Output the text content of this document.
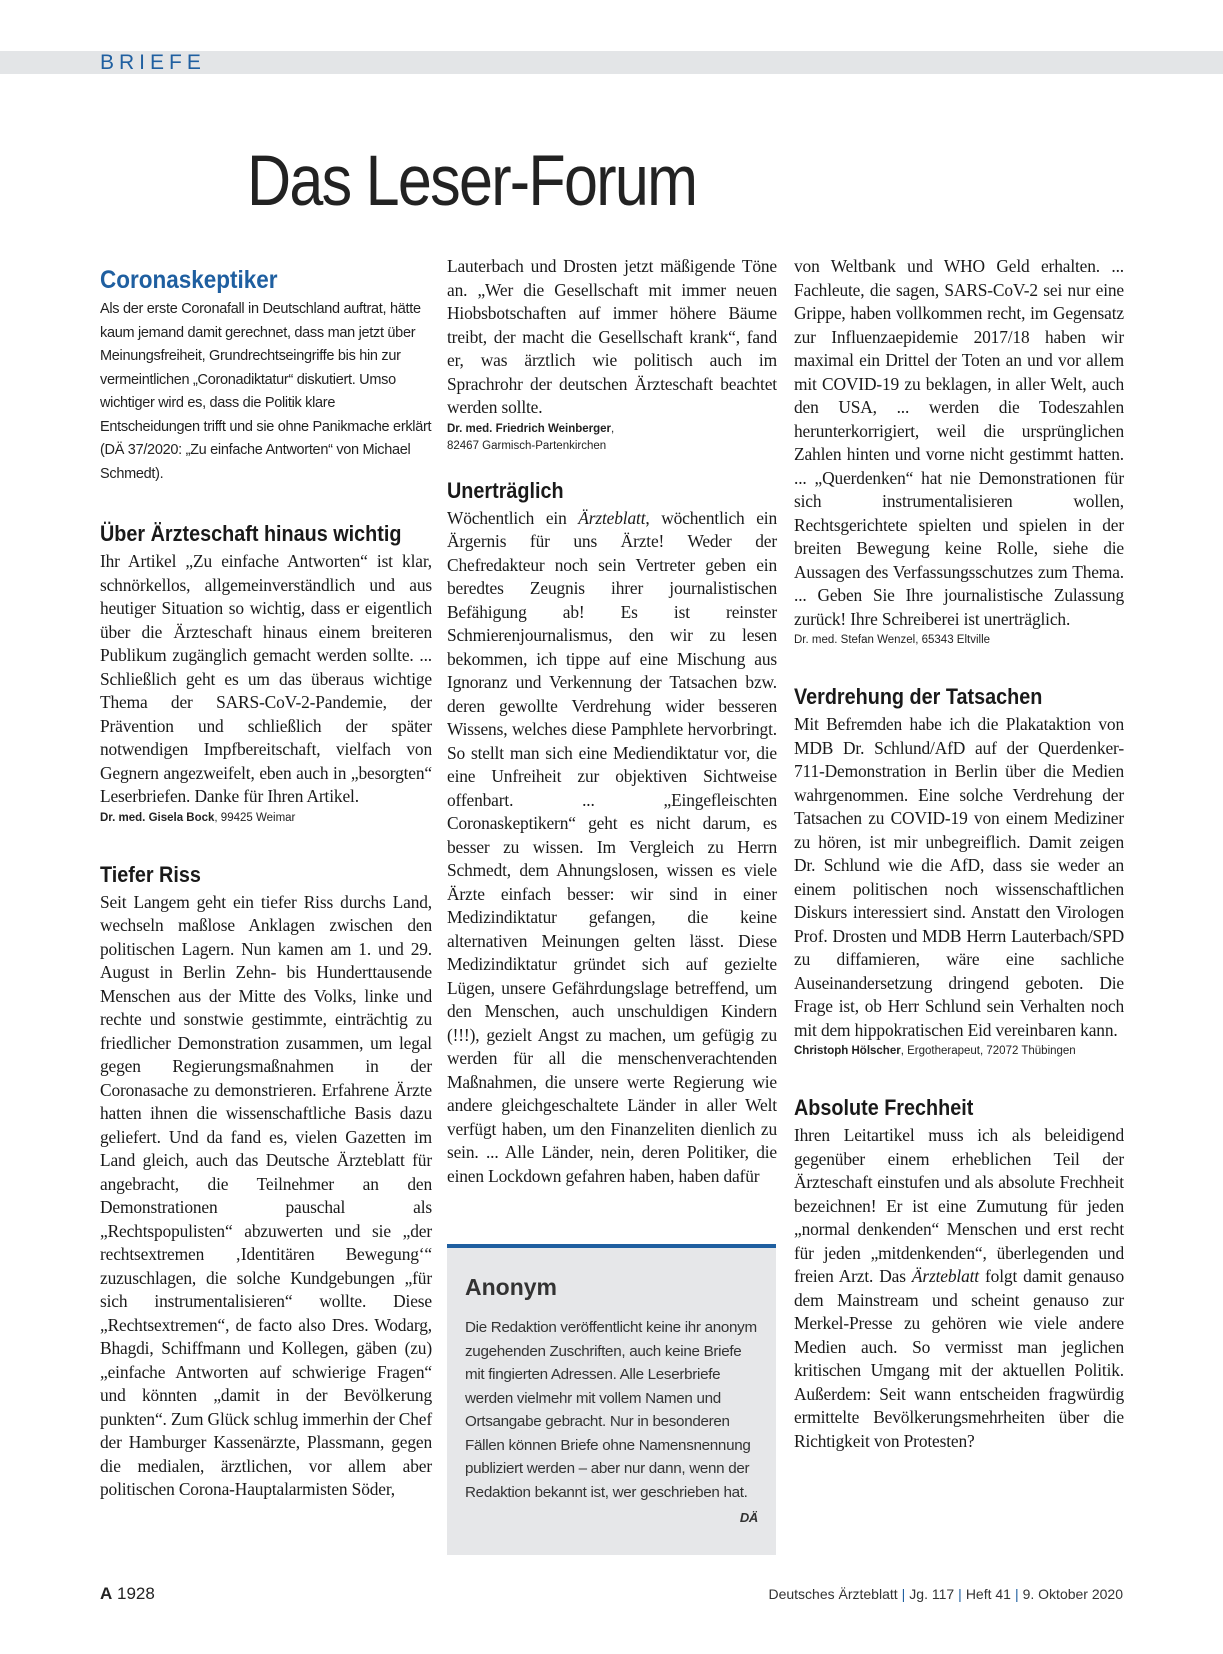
BRIEFE
Das Leser-Forum
Coronaskeptiker

Als der erste Coronafall in Deutschland auftrat, hätte kaum jemand damit gerechnet, dass man jetzt über Meinungsfreiheit, Grundrechtseingriffe bis hin zur vermeintlichen „Coronadiktatur“ diskutiert. Umso wichtiger wird es, dass die Politik klare Entscheidungen trifft und sie ohne Panikmache erklärt (DÄ 37/2020: „Zu einfache Antworten“ von Michael Schmedt).

Über Ärzteschaft hinaus wichtig

Ihr Artikel „Zu einfache Antworten“ ist klar, schnörkellos, allgemeinverständlich und aus heutiger Situation so wichtig, dass er eigentlich über die Ärzteschaft hinaus einem breiteren Publikum zugänglich gemacht werden sollte. ... Schließlich geht es um das überaus wichtige Thema der SARS-CoV-2-Pandemie, der Prävention und schließlich der später notwendigen Impfbereitschaft, vielfach von Gegnern angezweifelt, eben auch in „besorgten“ Leserbriefen. Danke für Ihren Artikel.

Dr. med. Gisela Bock, 99425 Weimar

Tiefer Riss

Seit Langem geht ein tiefer Riss durchs Land, wechseln maßlose Anklagen zwischen den politischen Lagern. Nun kamen am 1. und 29. August in Berlin Zehn- bis Hunderttausende Menschen aus der Mitte des Volks, linke und rechte und sonstwie gestimmte, einträchtig zu friedlicher Demonstration zusammen, um legal gegen Regierungsmaßnahmen in der Coronasache zu demonstrieren. Erfahrene Ärzte hatten ihnen die wissenschaftliche Basis dazu geliefert. Und da fand es, vielen Gazetten im Land gleich, auch das Deutsche Ärzteblatt für angebracht, die Teilnehmer an den Demonstrationen pauschal als „Rechtspopulisten“ abzuwerten und sie „der rechtsextremen ‚Identitären Bewegung‘“ zuzuschlagen, die solche Kundgebungen „für sich instrumentalisieren“ wollte. Diese „Rechtsextremen“, de facto also Dres. Wodarg, Bhagdi, Schiffmann und Kollegen, gäben (zu) „einfache Antworten auf schwierige Fragen“ und könnten „damit in der Bevölkerung punkten“. Zum Glück schlug immerhin der Chef der Hamburger Kassenärzte, Plassmann, gegen die medialen, ärztlichen, vor allem aber politischen Corona-Hauptalarmisten Söder,

Lauterbach und Drosten jetzt mäßigende Töne an. „Wer die Gesellschaft mit immer neuen Hiobsbotschaften auf immer höhere Bäume treibt, der macht die Gesellschaft krank“, fand er, was ärztlich wie politisch auch im Sprachrohr der deutschen Ärzteschaft beachtet werden sollte.

Dr. med. Friedrich Weinberger,
82467 Garmisch-Partenkirchen

Unerträglich

Wöchentlich ein Ärzteblatt, wöchentlich ein Ärgernis für uns Ärzte! Weder der Chefredakteur noch sein Vertreter geben ein beredtes Zeugnis ihrer journalistischen Befähigung ab! Es ist reinster Schmierenjournalismus, den wir zu lesen bekommen, ich tippe auf eine Mischung aus Ignoranz und Verkennung der Tatsachen bzw. deren gewollte Verdrehung wider besseren Wissens, welches diese Pamphlete hervorbringt. So stellt man sich eine Mediendiktatur vor, die eine Unfreiheit zur objektiven Sichtweise offenbart. ... „Eingefleischten Coronaskeptikern“ geht es nicht darum, es besser zu wissen. Im Vergleich zu Herrn Schmedt, dem Ahnungslosen, wissen es viele Ärzte einfach besser: wir sind in einer Medizindiktatur gefangen, die keine alternativen Meinungen gelten lässt. Diese Medizindiktatur gründet sich auf gezielte Lügen, unsere Gefährdungslage betreffend, um den Menschen, auch unschuldigen Kindern (!!!), gezielt Angst zu machen, um gefügig zu werden für all die menschenverachtenden Maßnahmen, die unsere werte Regierung wie andere gleichgeschaltete Länder in aller Welt verfügt haben, um den Finanzeliten dienlich zu sein. ... Alle Länder, nein, deren Politiker, die einen Lockdown gefahren haben, haben dafür

Anonym

Die Redaktion veröffentlicht keine ihr anonym zugehenden Zuschriften, auch keine Briefe mit fingierten Adressen. Alle Leserbriefe werden vielmehr mit vollem Namen und Ortsangabe gebracht. Nur in besonderen Fällen können Briefe ohne Namensnennung publiziert werden – aber nur dann, wenn der Redaktion bekannt ist, wer geschrieben hat.
DÄ

von Weltbank und WHO Geld erhalten. ... Fachleute, die sagen, SARS-CoV-2 sei nur eine Grippe, haben vollkommen recht, im Gegensatz zur Influenzaepidemie 2017/18 haben wir maximal ein Drittel der Toten an und vor allem mit COVID-19 zu beklagen, in aller Welt, auch den USA, ... werden die Todeszahlen herunterkorrigiert, weil die ursprünglichen Zahlen hinten und vorne nicht gestimmt hatten. ... „Querdenken“ hat nie Demonstrationen für sich instrumentalisieren wollen, Rechtsgerichtete spielten und spielen in der breiten Bewegung keine Rolle, siehe die Aussagen des Verfassungsschutzes zum Thema. ... Geben Sie Ihre journalistische Zulassung zurück! Ihre Schreiberei ist unerträglich.

Dr. med. Stefan Wenzel, 65343 Eltville

Verdrehung der Tatsachen

Mit Befremden habe ich die Plakataktion von MDB Dr. Schlund/AfD auf der Querdenker-711-Demonstration in Berlin über die Medien wahrgenommen. Eine solche Verdrehung der Tatsachen zu COVID-19 von einem Mediziner zu hören, ist mir unbegreiflich. Damit zeigen Dr. Schlund wie die AfD, dass sie weder an einem politischen noch wissenschaftlichen Diskurs interessiert sind. Anstatt den Virologen Prof. Drosten und MDB Herrn Lauterbach/SPD zu diffamieren, wäre eine sachliche Auseinandersetzung dringend geboten. Die Frage ist, ob Herr Schlund sein Verhalten noch mit dem hippokratischen Eid vereinbaren kann.

Christoph Hölscher, Ergotherapeut, 72072 Thübingen

Absolute Frechheit

Ihren Leitartikel muss ich als beleidigend gegenüber einem erheblichen Teil der Ärzteschaft einstufen und als absolute Frechheit bezeichnen! Er ist eine Zumutung für jeden „normal denkenden“ Menschen und erst recht für jeden „mitdenkenden“, überlegenden und freien Arzt. Das Ärzteblatt folgt damit genauso dem Mainstream und scheint genauso zur Merkel-Presse zu gehören wie viele andere Medien auch. So vermisst man jeglichen kritischen Umgang mit der aktuellen Politik. Außerdem: Seit wann entscheiden fragwürdig ermittelte Bevölkerungsmehrheiten über die Richtigkeit von Protesten?

A 1928	Deutsches Ärzteblatt | Jg. 117 | Heft 41 | 9. Oktober 2020
